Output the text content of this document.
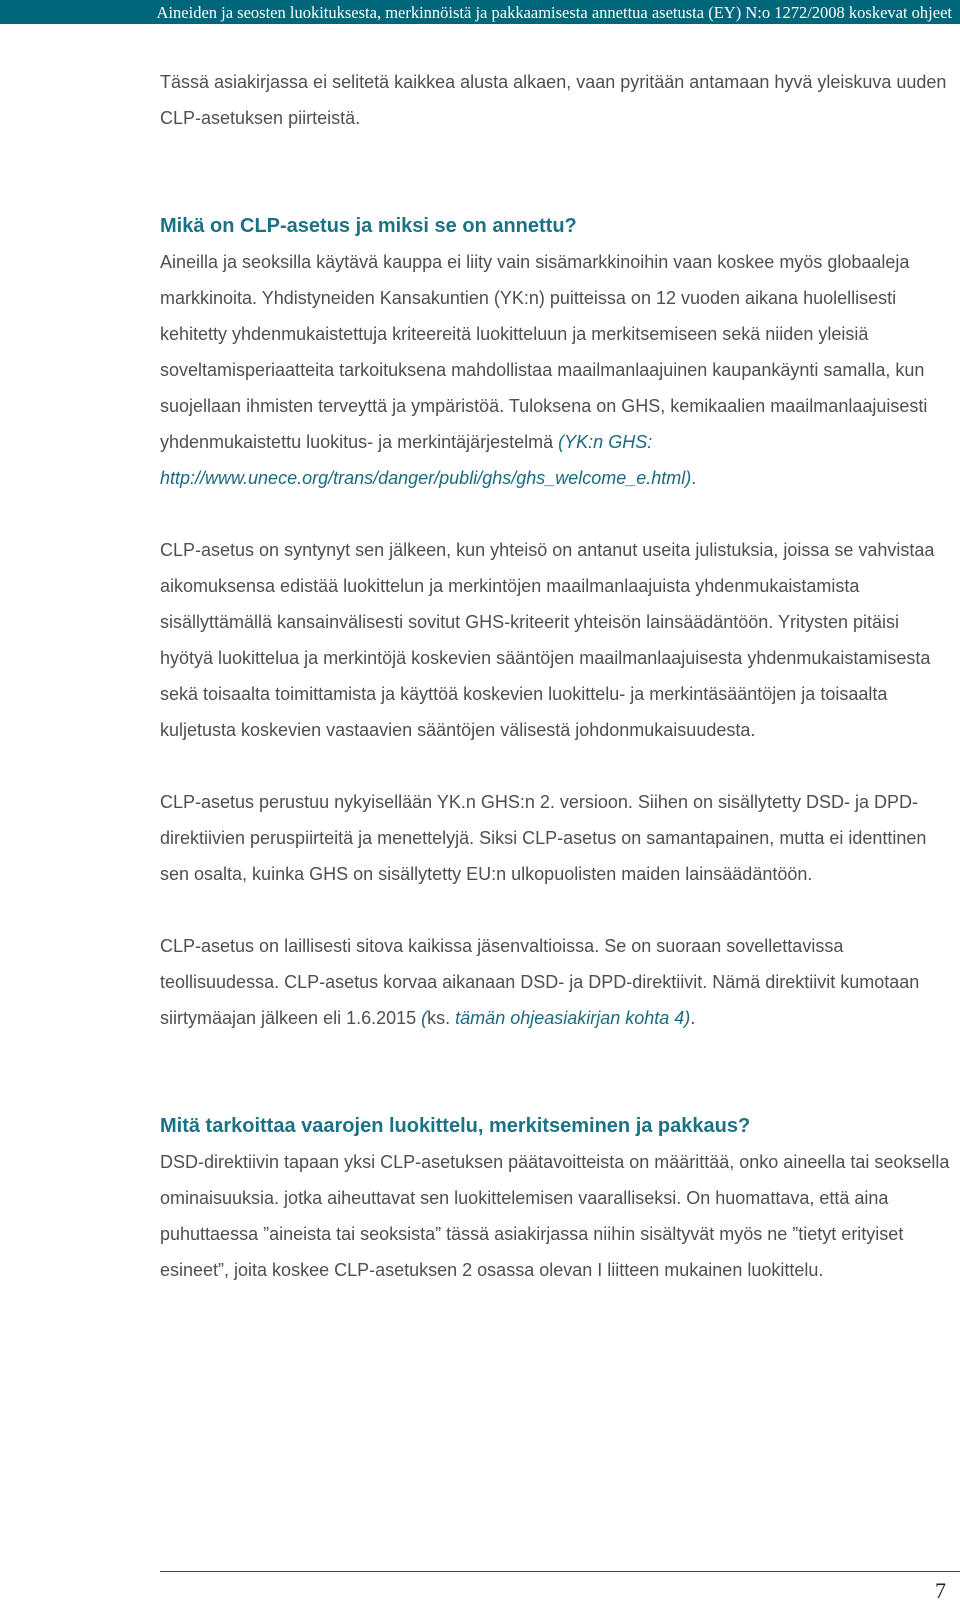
Aineiden ja seosten luokituksesta, merkinnöistä ja pakkaamisesta annettua asetusta (EY) N:o 1272/2008 koskevat ohjeet

Tässä asiakirjassa ei selitetä kaikkea alusta alkaen, vaan pyritään antamaan hyvä yleiskuva uuden CLP-asetuksen piirteistä.

Mikä on CLP-asetus ja miksi se on annettu?

Aineilla ja seoksilla käytävä kauppa ei liity vain sisämarkkinoihin vaan koskee myös globaaleja markkinoita. Yhdistyneiden Kansakuntien (YK:n) puitteissa on 12 vuoden aikana huolellisesti kehitetty yhdenmukaistettuja kriteereitä luokitteluun ja merkitsemiseen sekä niiden yleisiä soveltamisperiaatteita tarkoituksena mahdollistaa maailmanlaajuinen kaupankäynti samalla, kun suojellaan ihmisten terveyttä ja ympäristöä. Tuloksena on GHS, kemikaalien maailmanlaajuisesti yhdenmukaistettu luokitus- ja merkintäjärjestelmä (YK:n GHS: http://www.unece.org/trans/danger/publi/ghs/ghs_welcome_e.html).

CLP-asetus on syntynyt sen jälkeen, kun yhteisö on antanut useita julistuksia, joissa se vahvistaa aikomuksensa edistää luokittelun ja merkintöjen maailmanlaajuista yhdenmukaistamista sisällyttämällä kansainvälisesti sovitut GHS-kriteerit yhteisön lainsäädäntöön. Yritysten pitäisi hyötyä luokittelua ja merkintöjä koskevien sääntöjen maailmanlaajuisesta yhdenmukaistamisesta sekä toisaalta toimittamista ja käyttöä koskevien luokittelu- ja merkintäsääntöjen ja toisaalta kuljetusta koskevien vastaavien sääntöjen välisestä johdonmukaisuudesta.

CLP-asetus perustuu nykyisellään YK.n GHS:n 2. versioon. Siihen on sisällytetty DSD- ja DPD-direktiivien peruspiirteitä ja menettelyjä. Siksi CLP-asetus on samantapainen, mutta ei identtinen sen osalta, kuinka GHS on sisällytetty EU:n ulkopuolisten maiden lainsäädäntöön.

CLP-asetus on laillisesti sitova kaikissa jäsenvaltioissa. Se on suoraan sovellettavissa teollisuudessa. CLP-asetus korvaa aikanaan DSD- ja DPD-direktiivit. Nämä direktiivit kumotaan siirtymäajan jälkeen eli 1.6.2015 (ks. tämän ohjeasiakirjan kohta 4).

Mitä tarkoittaa vaarojen luokittelu, merkitseminen ja pakkaus?

DSD-direktiivin tapaan yksi CLP-asetuksen päätavoitteista on määrittää, onko aineella tai seoksella ominaisuuksia. jotka aiheuttavat sen luokittelemisen vaaralliseksi. On huomattava, että aina puhuttaessa ”aineista tai seoksista” tässä asiakirjassa niihin sisältyvät myös ne ”tietyt erityiset esineet”, joita koskee CLP-asetuksen 2 osassa olevan I liitteen mukainen luokittelu.

7
